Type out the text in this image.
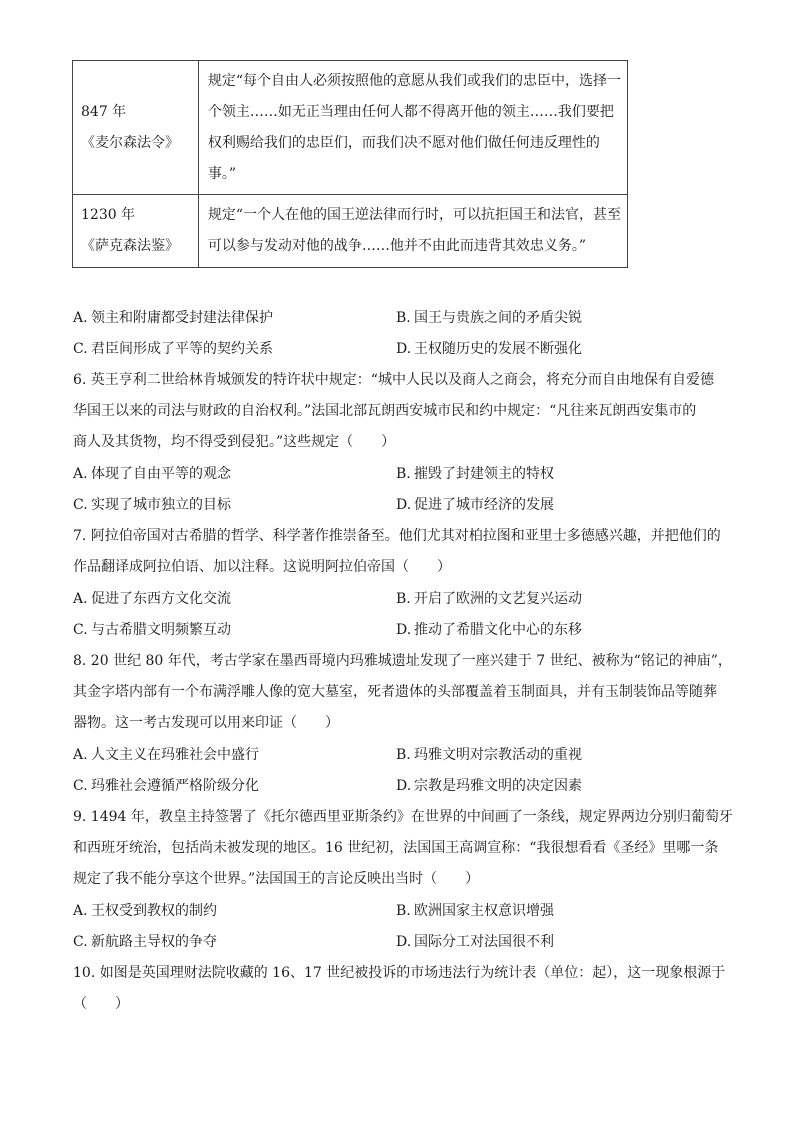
847 年
《麦尔森法令》	规定“每个自由人必须按照他的意愿从我们或我们的忠臣中，选择一
个领主……如无正当理由任何人都不得离开他的领主……我们要把
权利赐给我们的忠臣们，而我们决不愿对他们做任何违反理性的
事。”

1230 年
《萨克森法鉴》	规定“一个人在他的国王逆法律而行时，可以抗拒国王和法官，甚至
可以参与发动对他的战争……他并不由此而违背其效忠义务。”
A. 领主和附庸都受封建法律保护	B. 国王与贵族之间的矛盾尖锐
C. 君臣间形成了平等的契约关系	D. 王权随历史的发展不断强化
6. 英王亨利二世给林肯城颁发的特许状中规定：“城中人民以及商人之商会，将充分而自由地保有自爱德
华国王以来的司法与财政的自治权利。”法国北部瓦朗西安城市民和约中规定：“凡往来瓦朗西安集市的
商人及其货物，均不得受到侵犯。”这些规定（　　）
A. 体现了自由平等的观念	B. 摧毁了封建领主的特权
C. 实现了城市独立的目标	D. 促进了城市经济的发展
7. 阿拉伯帝国对古希腊的哲学、科学著作推崇备至。他们尤其对柏拉图和亚里士多德感兴趣，并把他们的
作品翻译成阿拉伯语、加以注释。这说明阿拉伯帝国（　　）
A. 促进了东西方文化交流	B. 开启了欧洲的文艺复兴运动
C. 与古希腊文明频繁互动	D. 推动了希腊文化中心的东移
8. 20 世纪 80 年代，考古学家在墨西哥境内玛雅城遗址发现了一座兴建于 7 世纪、被称为“铭记的神庙”，
其金字塔内部有一个布满浮雕人像的宽大墓室，死者遗体的头部覆盖着玉制面具，并有玉制装饰品等随葬
器物。这一考古发现可以用来印证（　　）
A. 人文主义在玛雅社会中盛行	B. 玛雅文明对宗教活动的重视
C. 玛雅社会遵循严格阶级分化	D. 宗教是玛雅文明的决定因素
9. 1494 年，教皇主持签署了《托尔德西里亚斯条约》在世界的中间画了一条线，规定界两边分别归葡萄牙
和西班牙统治，包括尚未被发现的地区。16 世纪初，法国国王高调宣称：“我很想看看《圣经》里哪一条
规定了我不能分享这个世界。”法国国王的言论反映出当时（　　）
A. 王权受到教权的制约	B. 欧洲国家主权意识增强
C. 新航路主导权的争夺	D. 国际分工对法国很不利
10. 如图是英国理财法院收藏的 16、17 世纪被投诉的市场违法行为统计表（单位：起），这一现象根源于
（　　）
